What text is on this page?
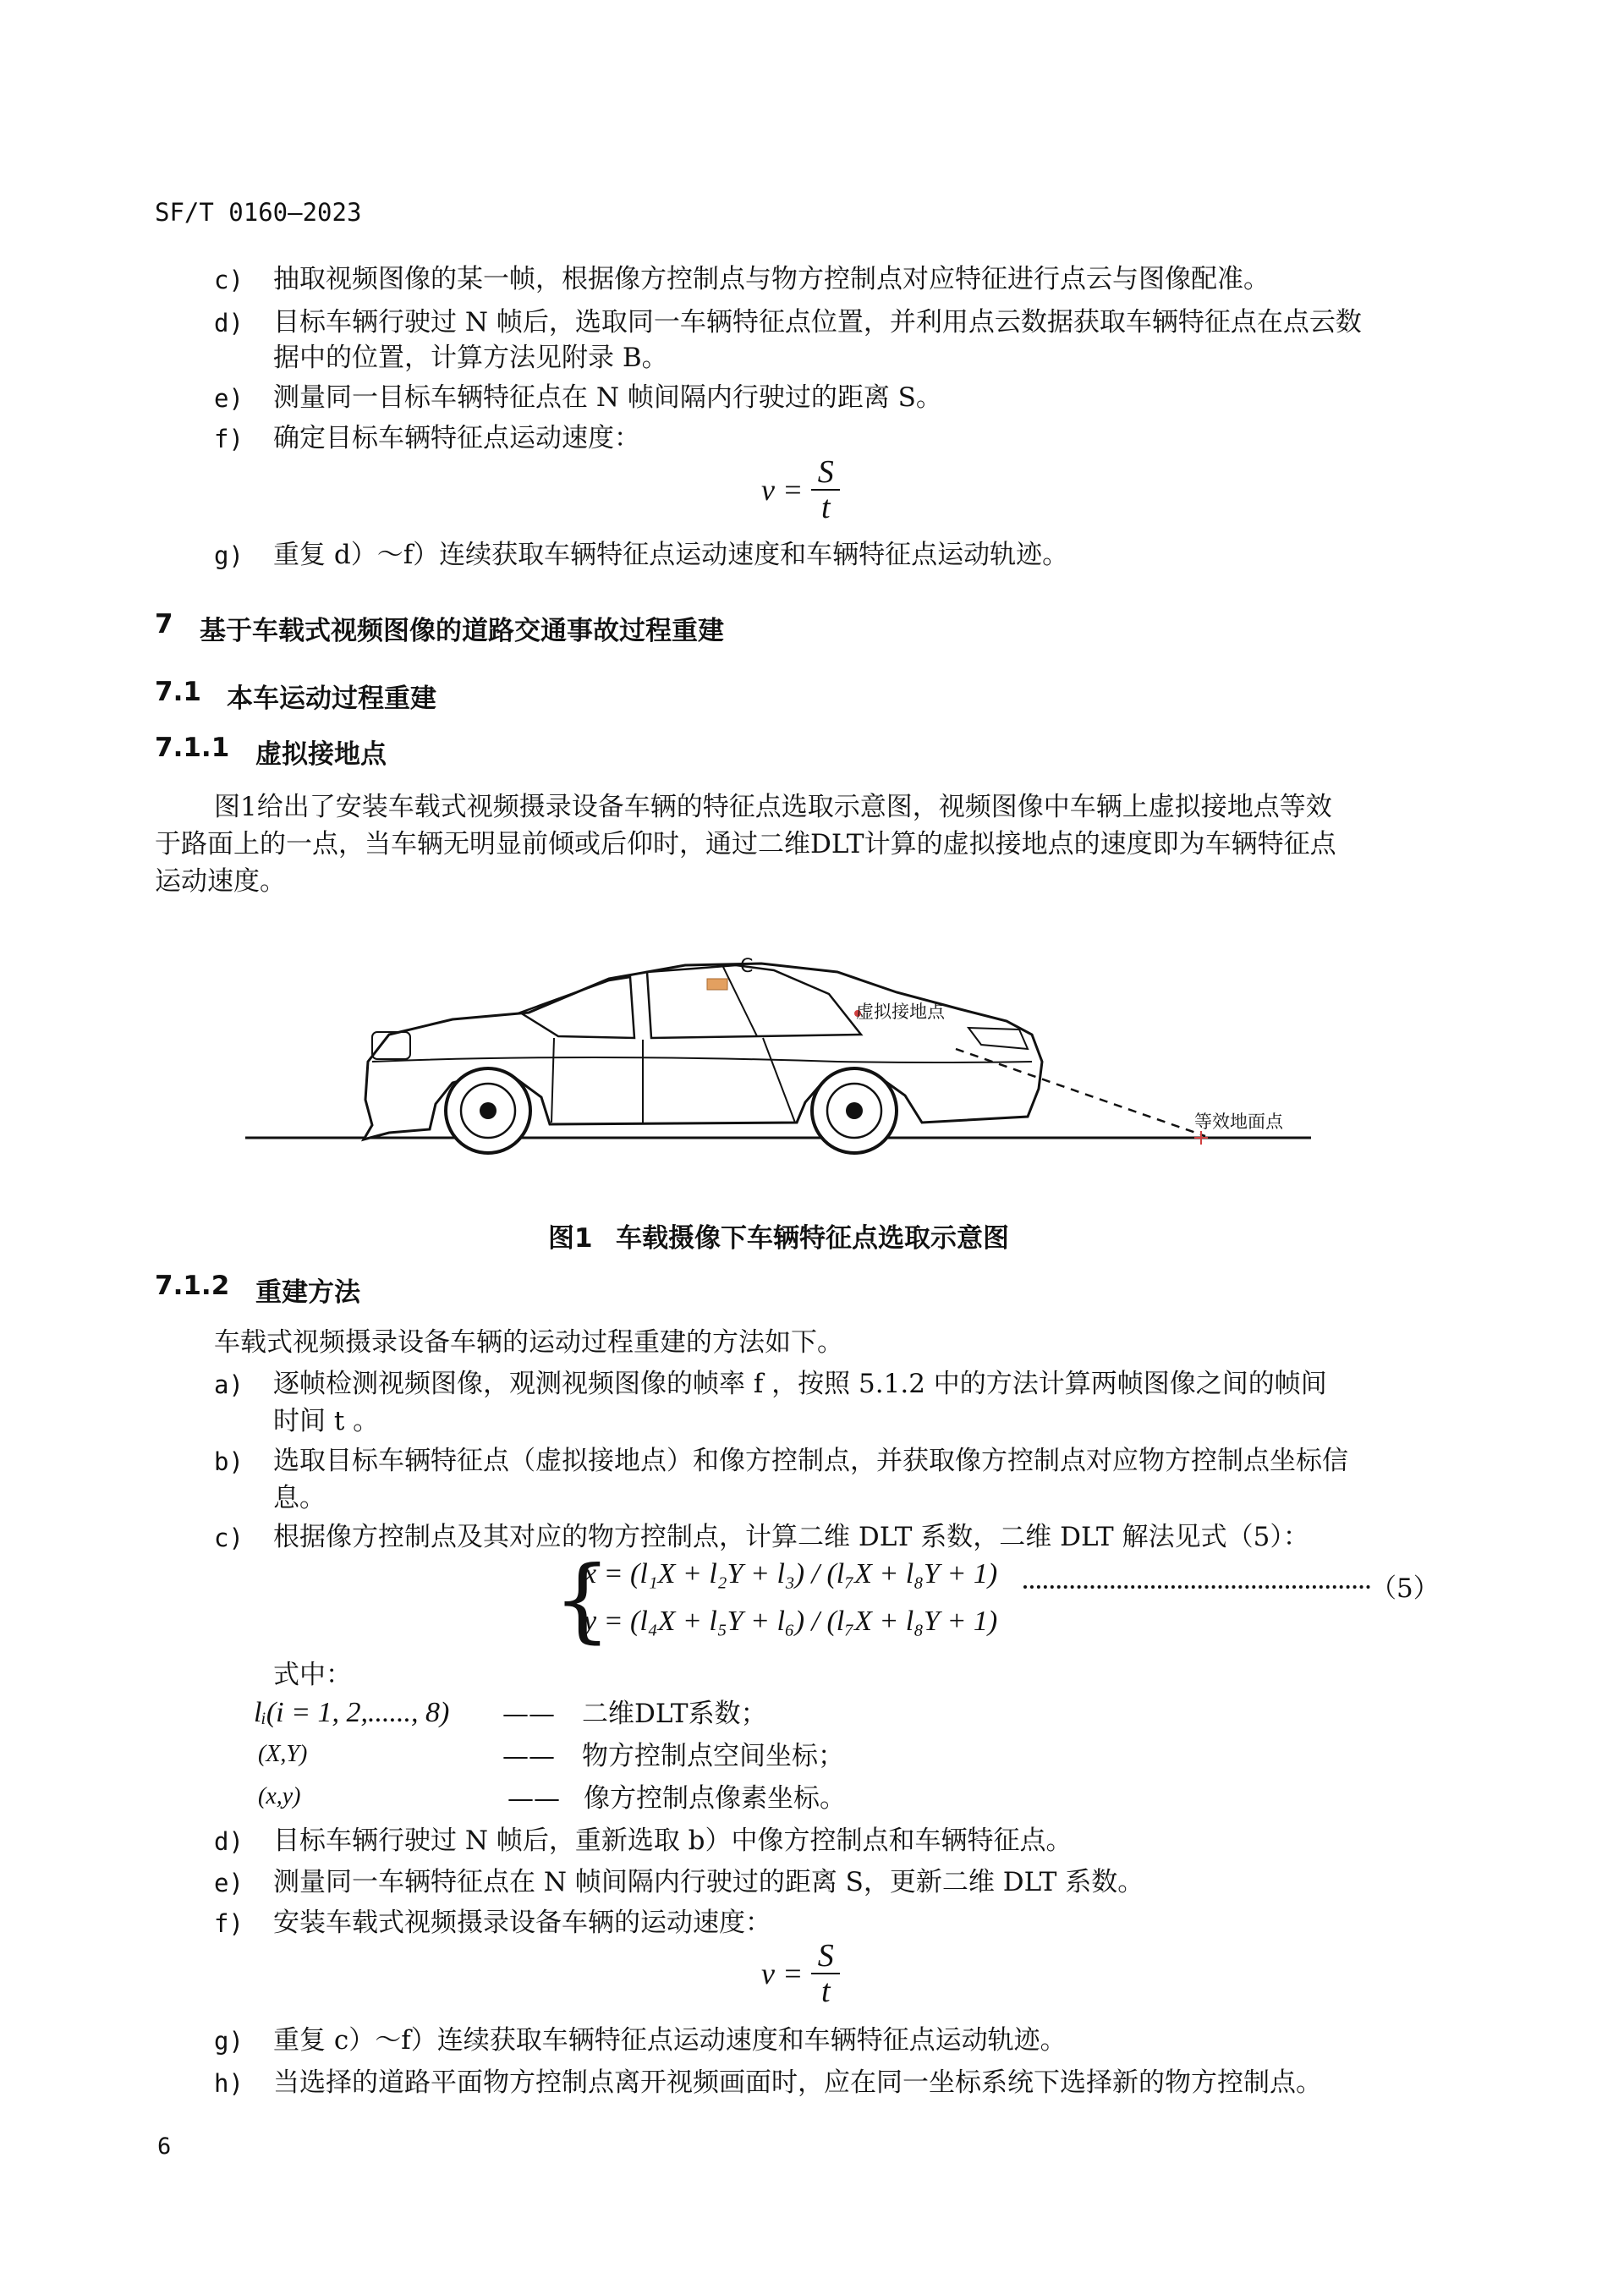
SF/T 0160—2023
c) 抽取视频图像的某一帧，根据像方控制点与物方控制点对应特征进行点云与图像配准。
d) 目标车辆行驶过 N 帧后，选取同一车辆特征点位置，并利用点云数据获取车辆特征点在点云数
据中的位置，计算方法见附录 B。
e) 测量同一目标车辆特征点在 N 帧间隔内行驶过的距离 S。
f) 确定目标车辆特征点运动速度：
$v = \frac{S}{t}$
g) 重复 d）～f）连续获取车辆特征点运动速度和车辆特征点运动轨迹。
7 基于车载式视频图像的道路交通事故过程重建
7.1 本车运动过程重建
7.1.1 虚拟接地点
图1给出了安装车载式视频摄录设备车辆的特征点选取示意图，视频图像中车辆上虚拟接地点等效
于路面上的一点，当车辆无明显前倾或后仰时，通过二维DLT计算的虚拟接地点的速度即为车辆特征点
运动速度。
C
虚拟接地点
等效地面点
图1 车载摄像下车辆特征点选取示意图
7.1.2 重建方法
车载式视频摄录设备车辆的运动过程重建的方法如下。
a) 逐帧检测视频图像，观测视频图像的帧率 f ，按照 5.1.2 中的方法计算两帧图像之间的帧间
时间 t 。
b) 选取目标车辆特征点（虚拟接地点）和像方控制点，并获取像方控制点对应物方控制点坐标信
息。
c) 根据像方控制点及其对应的物方控制点，计算二维 DLT 系数，二维 DLT 解法见式（5）：
{
x = (l₁X + l₂Y + l₃) / (l₇X + l₈Y + 1)
y = (l₄X + l₅Y + l₆) / (l₇X + l₈Y + 1)
（5）
式中：
lᵢ(i = 1, 2,......, 8) —— 二维DLT系数；
(X,Y)	—— 物方控制点空间坐标；
(x,y)	—— 像方控制点像素坐标。
d) 目标车辆行驶过 N 帧后，重新选取 b）中像方控制点和车辆特征点。
e) 测量同一车辆特征点在 N 帧间隔内行驶过的距离 S，更新二维 DLT 系数。
f) 安装车载式视频摄录设备车辆的运动速度：
$v = \frac{S}{t}$
g) 重复 c）～f）连续获取车辆特征点运动速度和车辆特征点运动轨迹。
h) 当选择的道路平面物方控制点离开视频画面时，应在同一坐标系统下选择新的物方控制点。
6
